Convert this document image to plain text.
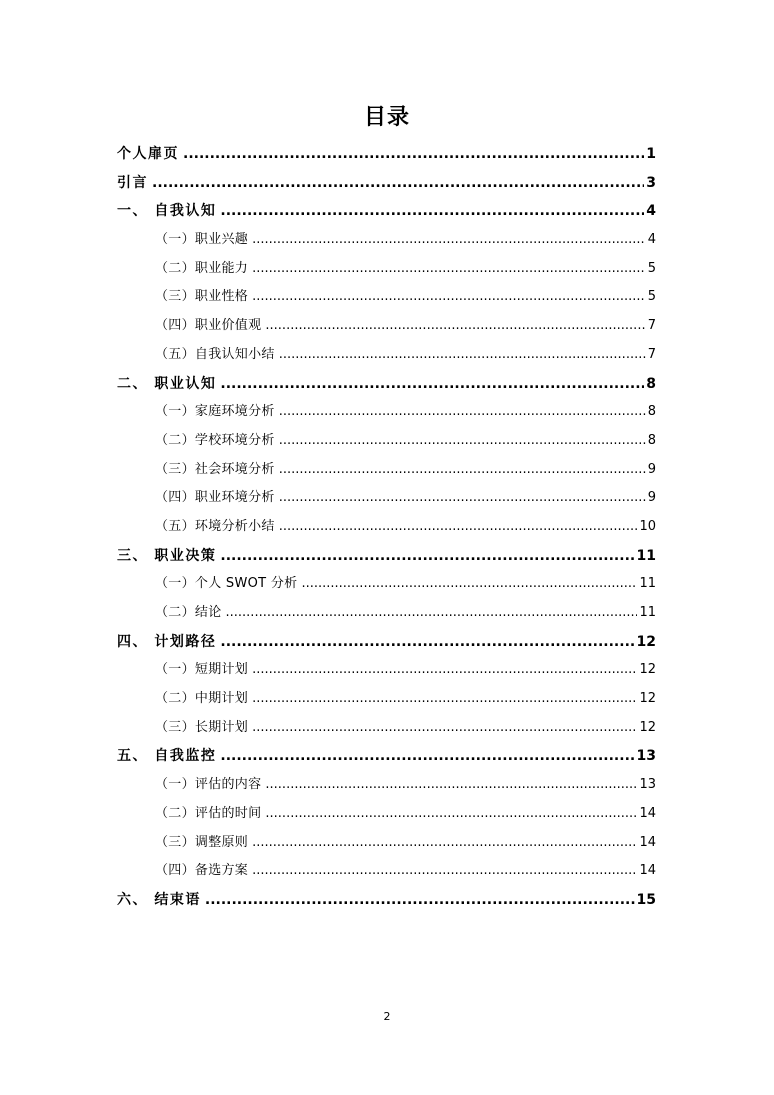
目录
个人扉页 .....	1
引言 .....	3
一、 自我认知 .....	4
（一）职业兴趣 .....	4
（二）职业能力 .....	5
（三）职业性格 .....	5
（四）职业价值观 .....	7
（五）自我认知小结 .....	7
二、 职业认知 .....	8
（一）家庭环境分析 .....	8
（二）学校环境分析 .....	8
（三）社会环境分析 .....	9
（四）职业环境分析 .....	9
（五）环境分析小结 .....	10
三、 职业决策 .....	11
（一）个人 SWOT 分析 .....	11
（二）结论 .....	11
四、 计划路径 .....	12
（一）短期计划 .....	12
（二）中期计划 .....	12
（三）长期计划 .....	12
五、 自我监控 .....	13
（一）评估的内容 .....	13
（二）评估的时间 .....	14
（三）调整原则 .....	14
（四）备选方案 .....	14
六、 结束语 .....	15
2
